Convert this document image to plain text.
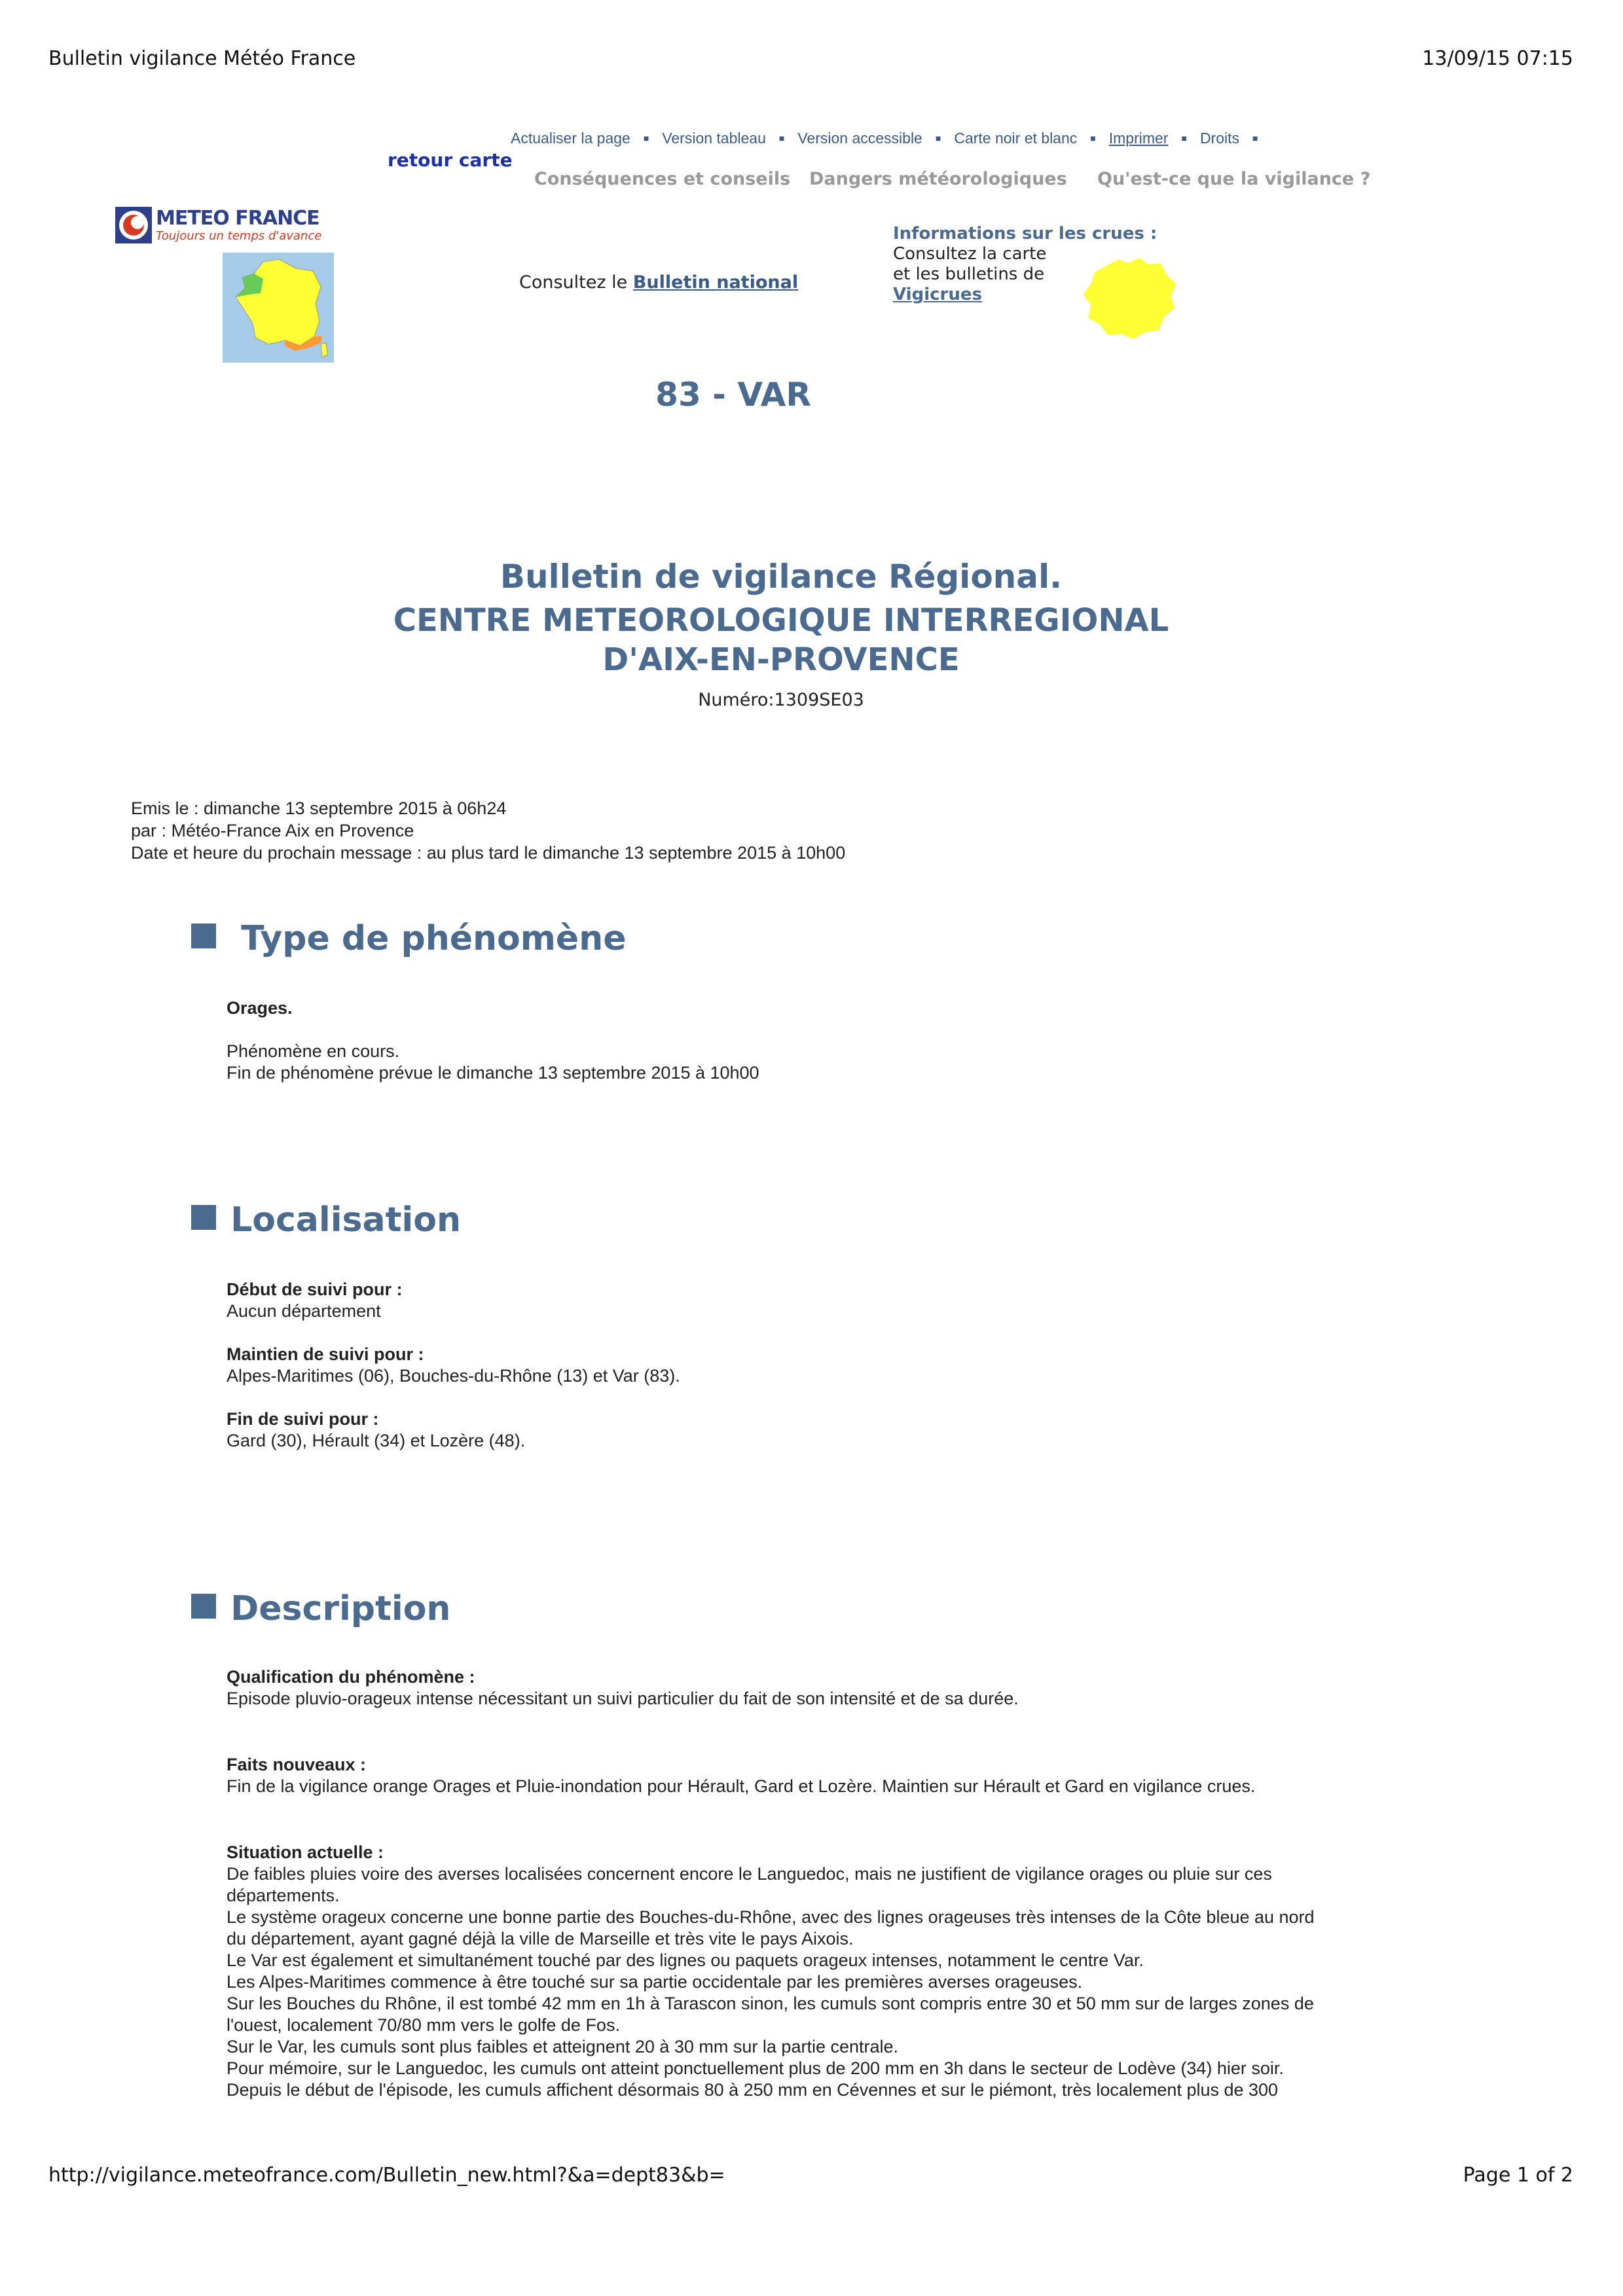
Bulletin vigilance Météo France	13/09/15 07:15
Actualiser la page ■ Version tableau ■ Version accessible ■ Carte noir et blanc ■ Imprimer ■ Droits ■
retour carte
Conséquences et conseils Dangers météorologiques Qu'est-ce que la vigilance ?
METEO FRANCE
Toujours un temps d'avance
Consultez le Bulletin national
Informations sur les crues :
Consultez la carte
et les bulletins de
Vigicrues
83 - VAR
Bulletin de vigilance Régional.
CENTRE METEOROLOGIQUE INTERREGIONAL
D'AIX-EN-PROVENCE
Numéro:1309SE03
Emis le : dimanche 13 septembre 2015 à 06h24
par : Météo-France Aix en Provence
Date et heure du prochain message : au plus tard le dimanche 13 septembre 2015 à 10h00
Type de phénomène
Orages.
Phénomène en cours.
Fin de phénomène prévue le dimanche 13 septembre 2015 à 10h00
Localisation
Début de suivi pour :
Aucun département
Maintien de suivi pour :
Alpes-Maritimes (06), Bouches-du-Rhône (13) et Var (83).
Fin de suivi pour :
Gard (30), Hérault (34) et Lozère (48).
Description
Qualification du phénomène :
Episode pluvio-orageux intense nécessitant un suivi particulier du fait de son intensité et de sa durée.
Faits nouveaux :
Fin de la vigilance orange Orages et Pluie-inondation pour Hérault, Gard et Lozère. Maintien sur Hérault et Gard en vigilance crues.
Situation actuelle :
De faibles pluies voire des averses localisées concernent encore le Languedoc, mais ne justifient de vigilance orages ou pluie sur ces
départements.
Le système orageux concerne une bonne partie des Bouches-du-Rhône, avec des lignes orageuses très intenses de la Côte bleue au nord
du département, ayant gagné déjà la ville de Marseille et très vite le pays Aixois.
Le Var est également et simultanément touché par des lignes ou paquets orageux intenses, notamment le centre Var.
Les Alpes-Maritimes commence à être touché sur sa partie occidentale par les premières averses orageuses.
Sur les Bouches du Rhône, il est tombé 42 mm en 1h à Tarascon sinon, les cumuls sont compris entre 30 et 50 mm sur de larges zones de
l'ouest, localement 70/80 mm vers le golfe de Fos.
Sur le Var, les cumuls sont plus faibles et atteignent 20 à 30 mm sur la partie centrale.
Pour mémoire, sur le Languedoc, les cumuls ont atteint ponctuellement plus de 200 mm en 3h dans le secteur de Lodève (34) hier soir.
Depuis le début de l'épisode, les cumuls affichent désormais 80 à 250 mm en Cévennes et sur le piémont, très localement plus de 300
http://vigilance.meteofrance.com/Bulletin_new.html?&a=dept83&b=	Page 1 of 2
